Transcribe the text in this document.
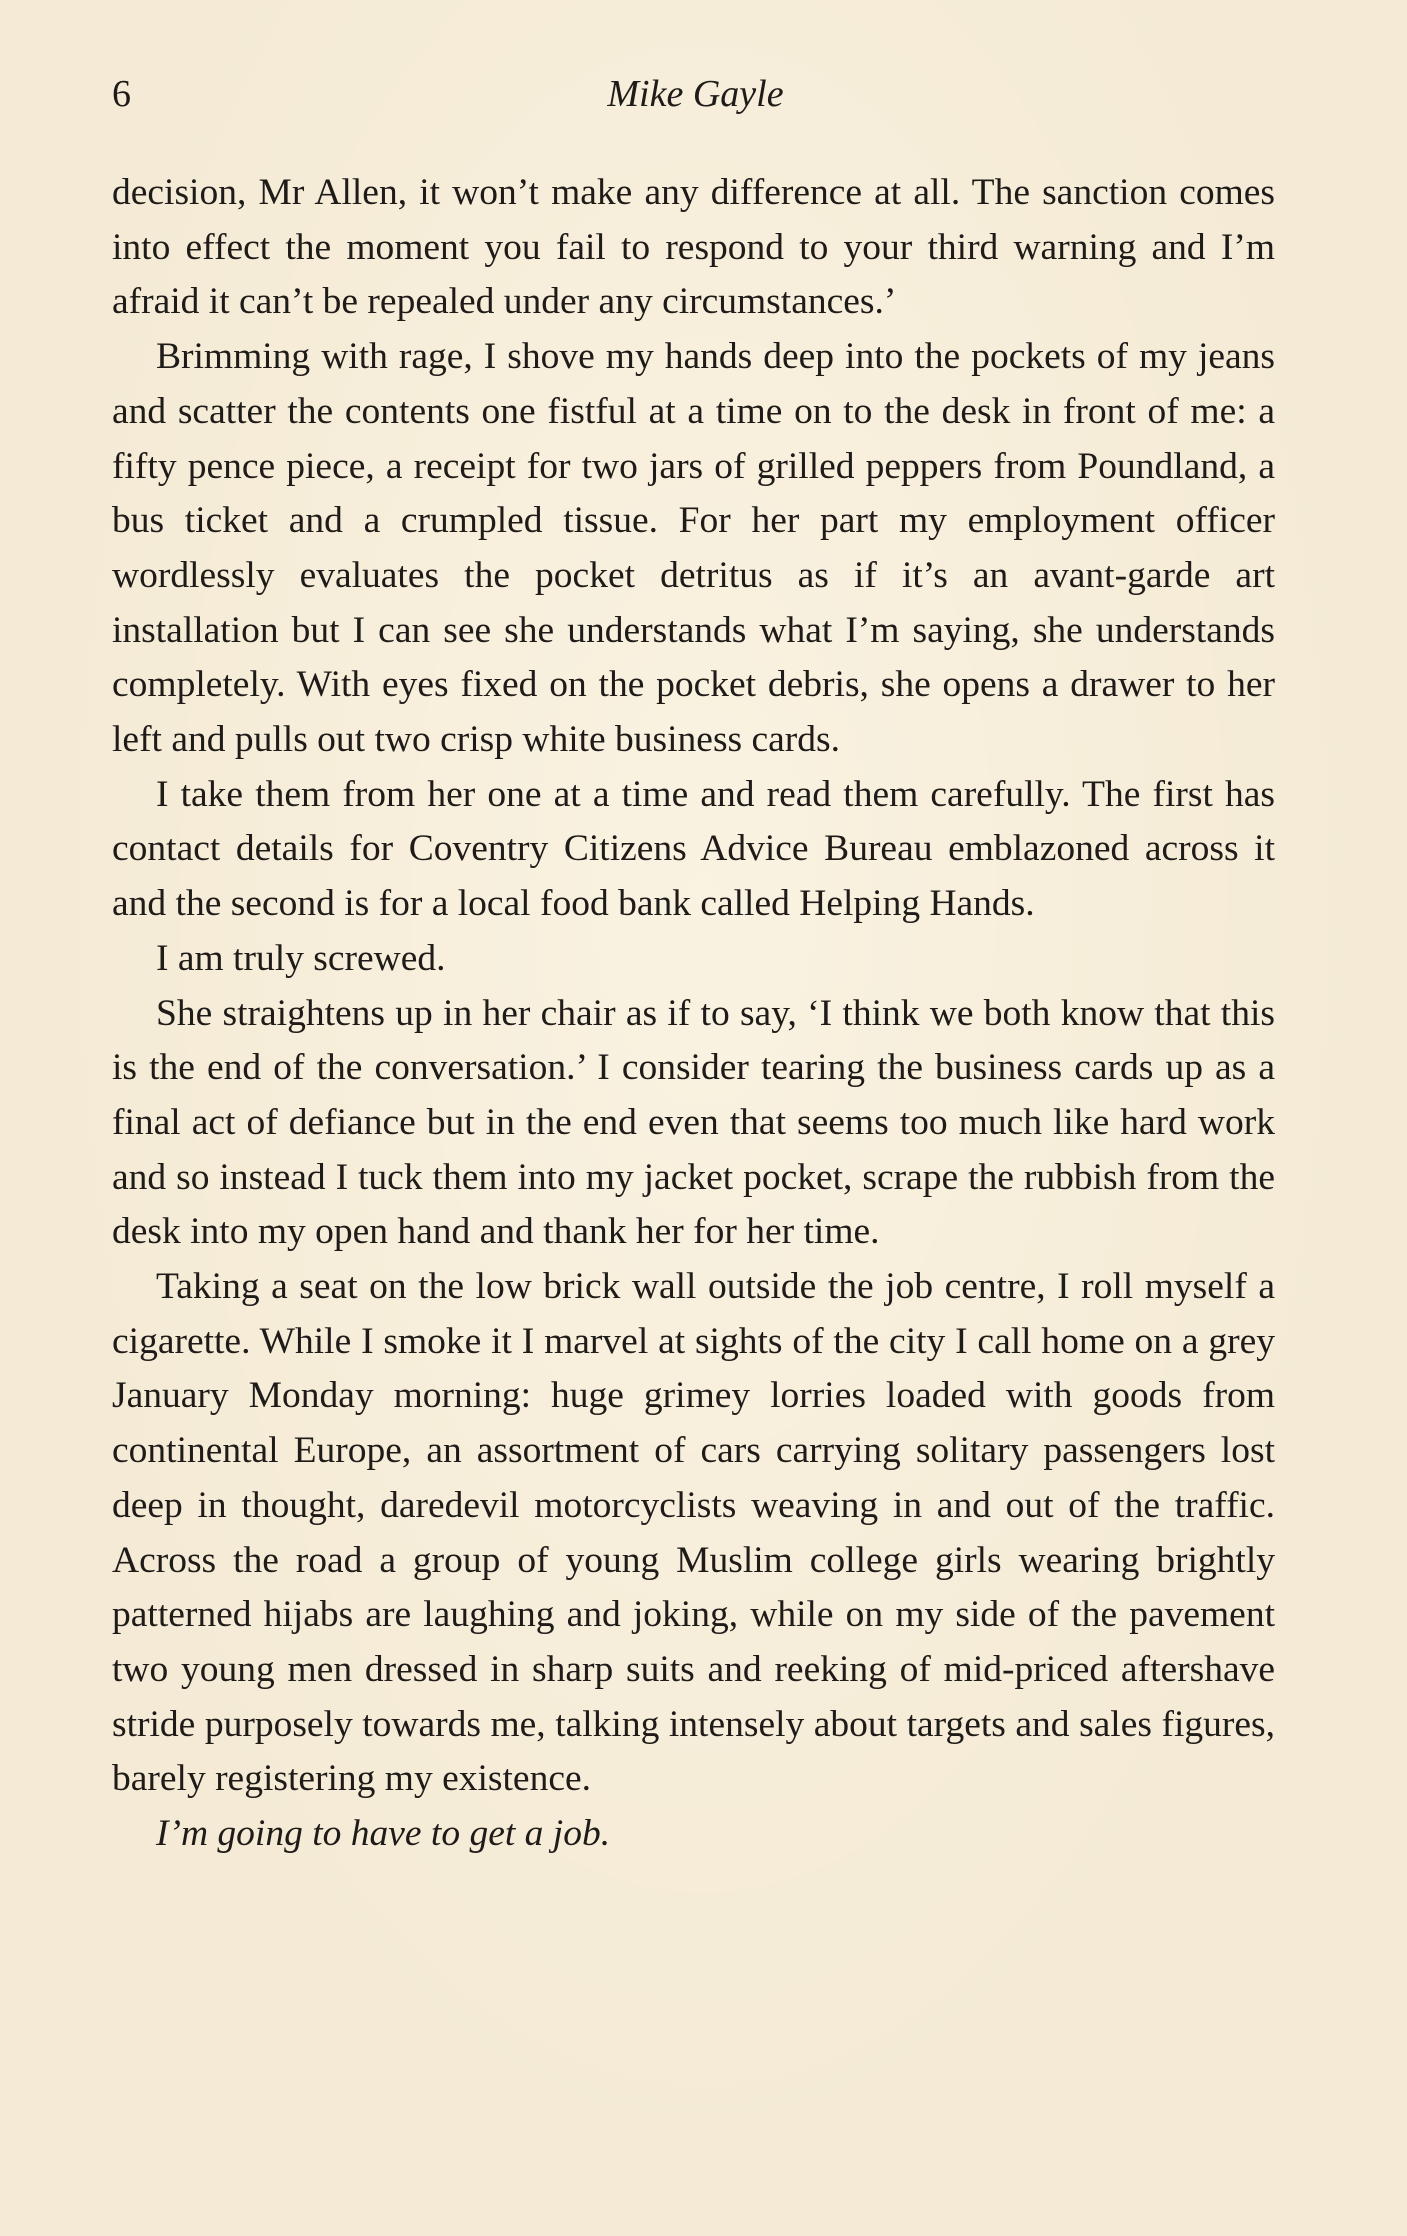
6	Mike Gayle

decision, Mr Allen, it won’t make any difference at all. The sanction comes into effect the moment you fail to respond to your third warning and I’m afraid it can’t be repealed under any circumstances.’

Brimming with rage, I shove my hands deep into the pockets of my jeans and scatter the contents one fistful at a time on to the desk in front of me: a fifty pence piece, a receipt for two jars of grilled peppers from Poundland, a bus ticket and a crumpled tissue. For her part my employment officer wordlessly evaluates the pocket detritus as if it’s an avant-garde art installation but I can see she understands what I’m saying, she understands completely. With eyes fixed on the pocket debris, she opens a drawer to her left and pulls out two crisp white business cards.

I take them from her one at a time and read them carefully. The first has contact details for Coventry Citizens Advice Bureau emblazoned across it and the second is for a local food bank called Helping Hands.

I am truly screwed.

She straightens up in her chair as if to say, ‘I think we both know that this is the end of the conversation.’ I consider tearing the business cards up as a final act of defiance but in the end even that seems too much like hard work and so instead I tuck them into my jacket pocket, scrape the rubbish from the desk into my open hand and thank her for her time.

Taking a seat on the low brick wall outside the job centre, I roll myself a cigarette. While I smoke it I marvel at sights of the city I call home on a grey January Monday morning: huge grimey lorries loaded with goods from continental Europe, an assortment of cars carrying solitary passengers lost deep in thought, daredevil motorcyclists weaving in and out of the traffic. Across the road a group of young Muslim college girls wearing brightly patterned hijabs are laughing and joking, while on my side of the pavement two young men dressed in sharp suits and reeking of mid-priced aftershave stride purposely towards me, talking intensely about targets and sales figures, barely registering my existence.

I’m going to have to get a job.
